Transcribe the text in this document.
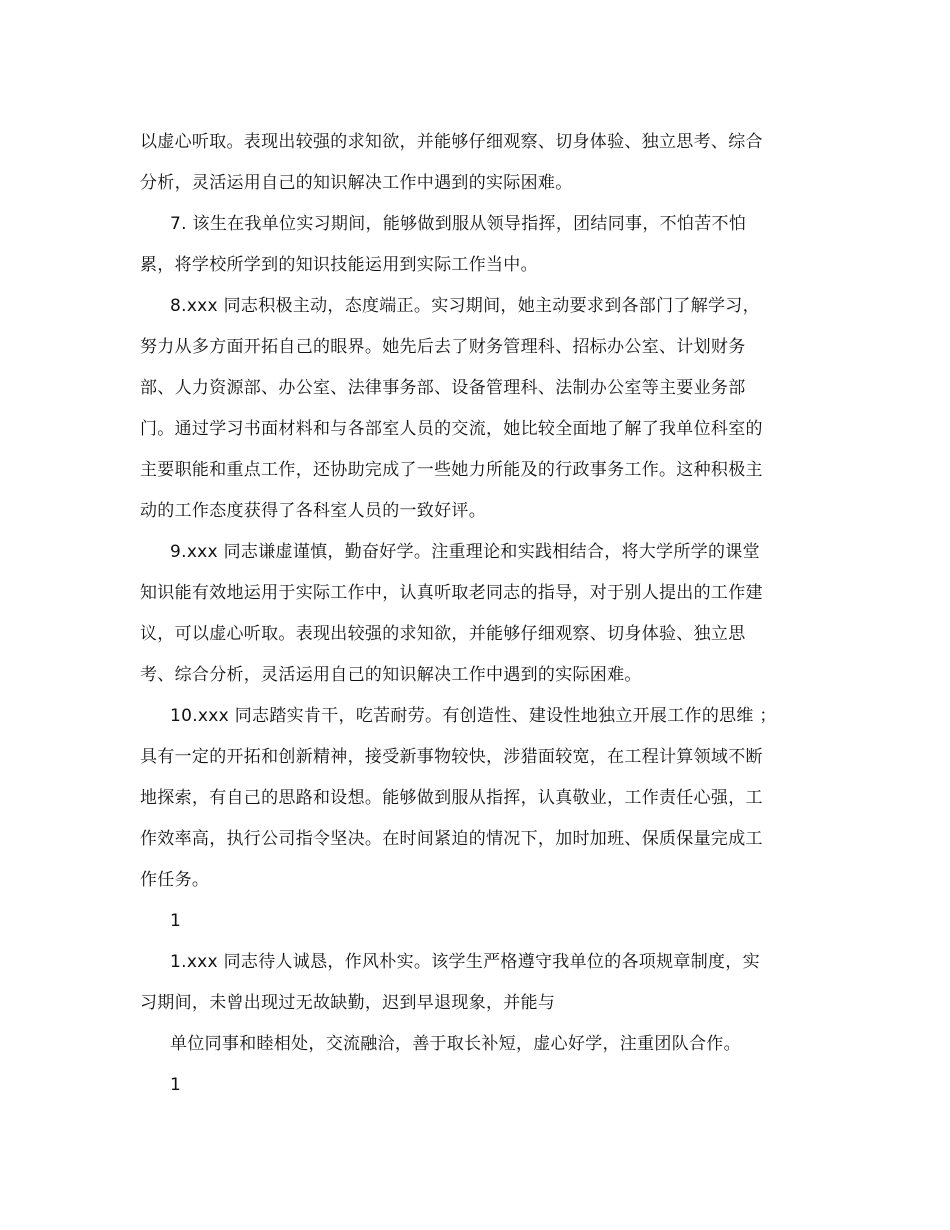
以虚心听取。表现出较强的求知欲，并能够仔细观察、切身体验、独立思考、综合
分析，灵活运用自己的知识解决工作中遇到的实际困难。
7. 该生在我单位实习期间，能够做到服从领导指挥，团结同事，不怕苦不怕
累，将学校所学到的知识技能运用到实际工作当中。
8.xxx 同志积极主动，态度端正。实习期间，她主动要求到各部门了解学习，
努力从多方面开拓自己的眼界。她先后去了财务管理科、招标办公室、计划财务
部、人力资源部、办公室、法律事务部、设备管理科、法制办公室等主要业务部
门。通过学习书面材料和与各部室人员的交流，她比较全面地了解了我单位科室的
主要职能和重点工作，还协助完成了一些她力所能及的行政事务工作。这种积极主
动的工作态度获得了各科室人员的一致好评。
9.xxx 同志谦虚谨慎，勤奋好学。注重理论和实践相结合，将大学所学的课堂
知识能有效地运用于实际工作中，认真听取老同志的指导，对于别人提出的工作建
议，可以虚心听取。表现出较强的求知欲，并能够仔细观察、切身体验、独立思
考、综合分析，灵活运用自己的知识解决工作中遇到的实际困难。
10.xxx 同志踏实肯干，吃苦耐劳。有创造性、建设性地独立开展工作的思维 ；
具有一定的开拓和创新精神，接受新事物较快，涉猎面较宽，在工程计算领域不断
地探索，有自己的思路和设想。能够做到服从指挥，认真敬业，工作责任心强，工
作效率高，执行公司指令坚决。在时间紧迫的情况下，加时加班、保质保量完成工
作任务。
1
1.xxx 同志待人诚恳，作风朴实。该学生严格遵守我单位的各项规章制度，实
习期间，未曾出现过无故缺勤，迟到早退现象，并能与
单位同事和睦相处，交流融洽，善于取长补短，虚心好学，注重团队合作。
1
